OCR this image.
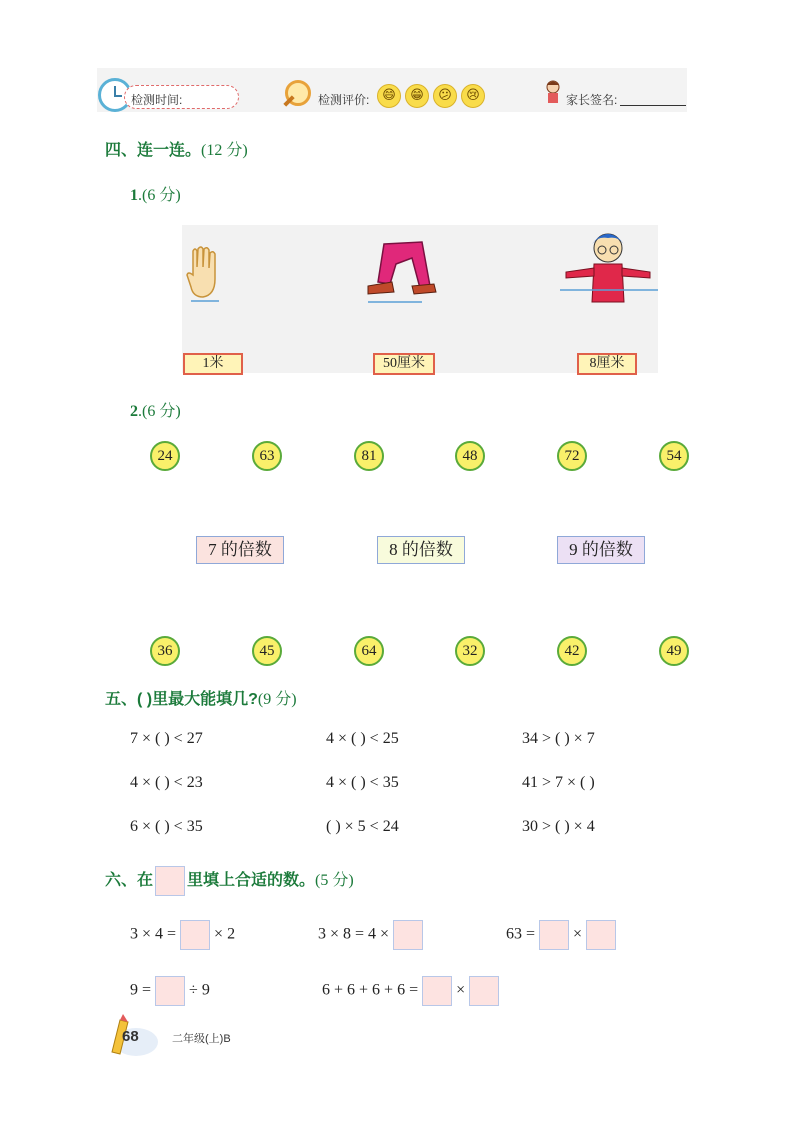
检测时间:	检测评价: 😄	😁	😕	😢	家长签名:
四、连一连。(12 分)
1.(6 分)
1米	50厘米	8厘米
2.(6 分)
24	63	81	48	72	54
7 的倍数	8 的倍数	9 的倍数
36	45	64	32	42	49
五、( )里最大能填几?(9 分)
7 × ( ) < 27	4 × ( ) < 25	34 > ( ) × 7
4 × ( ) < 23	4 × ( ) < 35	41 > 7 × ( )
6 × ( ) < 35	( ) × 5 < 24	30 > ( ) × 4
六、在 里填上合适的数。(5 分)
3 × 4 = × 2	3 × 8 = 4 ×	63 = ×
9 = ÷ 9	6 + 6 + 6 + 6 = ×
68	二年级(上)B
